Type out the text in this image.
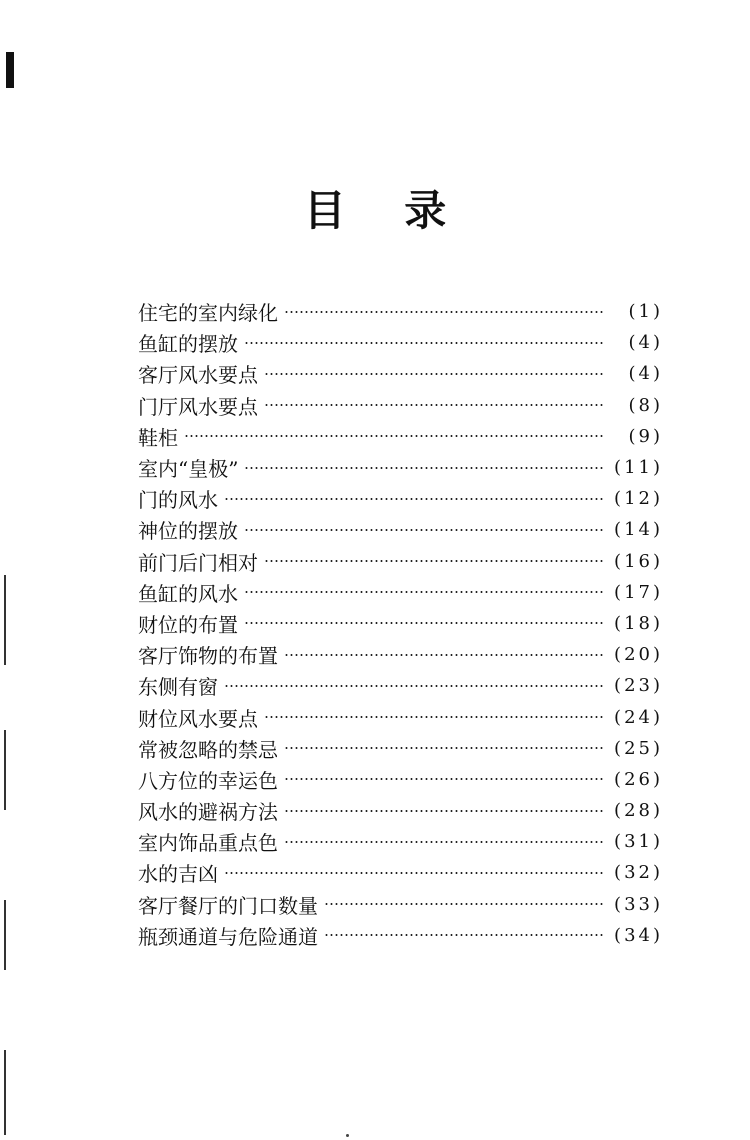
目 录
住宅的室内绿化	(1)
鱼缸的摆放	(4)
客厅风水要点	(4)
门厅风水要点	(8)
鞋柜	(9)
室内“皇极”	(11)
门的风水	(12)
神位的摆放	(14)
前门后门相对	(16)
鱼缸的风水	(17)
财位的布置	(18)
客厅饰物的布置	(20)
东侧有窗	(23)
财位风水要点	(24)
常被忽略的禁忌	(25)
八方位的幸运色	(26)
风水的避祸方法	(28)
室内饰品重点色	(31)
水的吉凶	(32)
客厅餐厅的门口数量	(33)
瓶颈通道与危险通道	(34)
